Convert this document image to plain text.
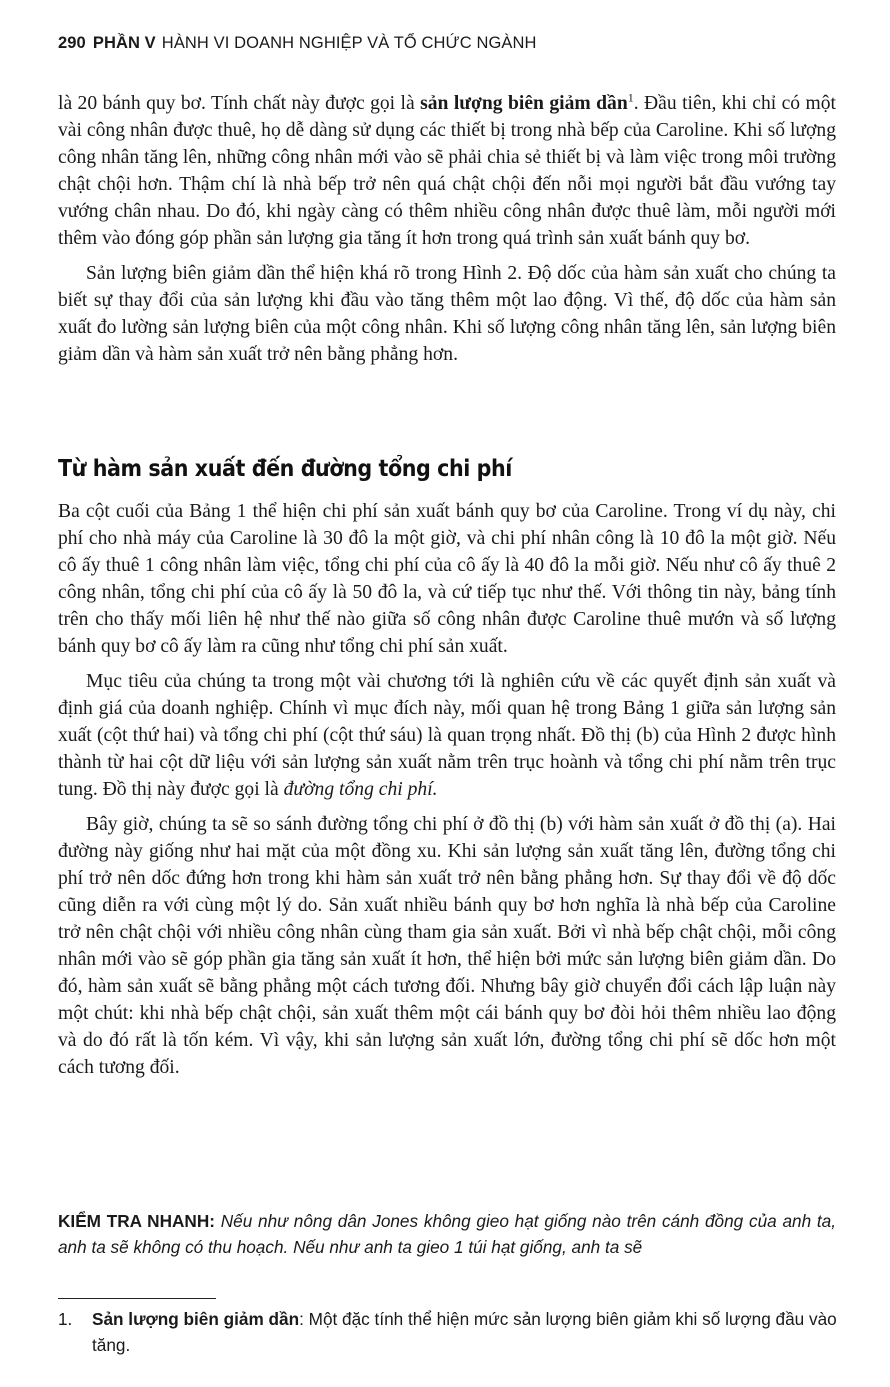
290 PHẦN V HÀNH VI DOANH NGHIỆP VÀ TỔ CHỨC NGÀNH

là 20 bánh quy bơ. Tính chất này được gọi là sản lượng biên giảm dần$^1$. Đầu tiên, khi chỉ có một vài công nhân được thuê, họ dễ dàng sử dụng các thiết bị trong nhà bếp của Caroline. Khi số lượng công nhân tăng lên, những công nhân mới vào sẽ phải chia sẻ thiết bị và làm việc trong môi trường chật chội hơn. Thậm chí là nhà bếp trở nên quá chật chội đến nỗi mọi người bắt đầu vướng tay vướng chân nhau. Do đó, khi ngày càng có thêm nhiều công nhân được thuê làm, mỗi người mới thêm vào đóng góp phần sản lượng gia tăng ít hơn trong quá trình sản xuất bánh quy bơ.

Sản lượng biên giảm dần thể hiện khá rõ trong Hình 2. Độ dốc của hàm sản xuất cho chúng ta biết sự thay đổi của sản lượng khi đầu vào tăng thêm một lao động. Vì thế, độ dốc của hàm sản xuất đo lường sản lượng biên của một công nhân. Khi số lượng công nhân tăng lên, sản lượng biên giảm dần và hàm sản xuất trở nên bằng phẳng hơn.

Từ hàm sản xuất đến đường tổng chi phí

Ba cột cuối của Bảng 1 thể hiện chi phí sản xuất bánh quy bơ của Caroline. Trong ví dụ này, chi phí cho nhà máy của Caroline là 30 đô la một giờ, và chi phí nhân công là 10 đô la một giờ. Nếu cô ấy thuê 1 công nhân làm việc, tổng chi phí của cô ấy là 40 đô la mỗi giờ. Nếu như cô ấy thuê 2 công nhân, tổng chi phí của cô ấy là 50 đô la, và cứ tiếp tục như thế. Với thông tin này, bảng tính trên cho thấy mối liên hệ như thế nào giữa số công nhân được Caroline thuê mướn và số lượng bánh quy bơ cô ấy làm ra cũng như tổng chi phí sản xuất.

Mục tiêu của chúng ta trong một vài chương tới là nghiên cứu về các quyết định sản xuất và định giá của doanh nghiệp. Chính vì mục đích này, mối quan hệ trong Bảng 1 giữa sản lượng sản xuất (cột thứ hai) và tổng chi phí (cột thứ sáu) là quan trọng nhất. Đồ thị (b) của Hình 2 được hình thành từ hai cột dữ liệu với sản lượng sản xuất nằm trên trục hoành và tổng chi phí nằm trên trục tung. Đồ thị này được gọi là đường tổng chi phí.

Bây giờ, chúng ta sẽ so sánh đường tổng chi phí ở đồ thị (b) với hàm sản xuất ở đồ thị (a). Hai đường này giống như hai mặt của một đồng xu. Khi sản lượng sản xuất tăng lên, đường tổng chi phí trở nên dốc đứng hơn trong khi hàm sản xuất trở nên bằng phẳng hơn. Sự thay đổi về độ dốc cũng diễn ra với cùng một lý do. Sản xuất nhiều bánh quy bơ hơn nghĩa là nhà bếp của Caroline trở nên chật chội với nhiều công nhân cùng tham gia sản xuất. Bởi vì nhà bếp chật chội, mỗi công nhân mới vào sẽ góp phần gia tăng sản xuất ít hơn, thể hiện bởi mức sản lượng biên giảm dần. Do đó, hàm sản xuất sẽ bằng phẳng một cách tương đối. Nhưng bây giờ chuyển đổi cách lập luận này một chút: khi nhà bếp chật chội, sản xuất thêm một cái bánh quy bơ đòi hỏi thêm nhiều lao động và do đó rất là tốn kém. Vì vậy, khi sản lượng sản xuất lớn, đường tổng chi phí sẽ dốc hơn một cách tương đối.

KIỂM TRA NHANH: Nếu như nông dân Jones không gieo hạt giống nào trên cánh đồng của anh ta, anh ta sẽ không có thu hoạch. Nếu như anh ta gieo 1 túi hạt giống, anh ta sẽ
1. Sản lượng biên giảm dần: Một đặc tính thể hiện mức sản lượng biên giảm khi số lượng đầu vào tăng.
